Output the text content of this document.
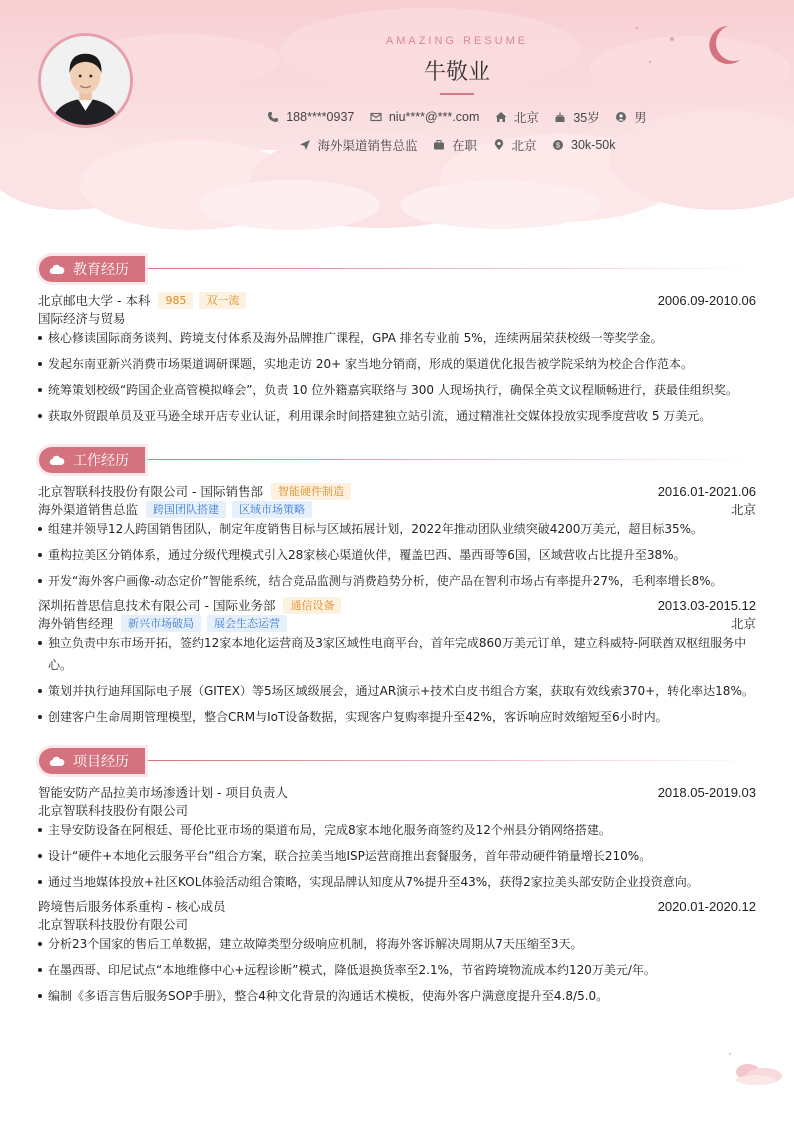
AMAZING RESUME
牛敬业
188****0937
	niu****@***.com
	北京
	35岁
	男
海外渠道销售总监
	在职
	北京
	$ 30k-50k
教育经历
北京邮电大学 - 本科	985	双一流	2006.09-2010.06
国际经济与贸易
核心修读国际商务谈判、跨境支付体系及海外品牌推广课程，GPA 排名专业前 5%，连续两届荣获校级一等奖学金。
发起东南亚新兴消费市场渠道调研课题，实地走访 20+ 家当地分销商，形成的渠道优化报告被学院采纳为校企合作范本。
统筹策划校级“跨国企业高管模拟峰会”，负责 10 位外籍嘉宾联络与 300 人现场执行，确保全英文议程顺畅进行，获最佳组织奖。
获取外贸跟单员及亚马逊全球开店专业认证，利用课余时间搭建独立站引流，通过精准社交媒体投放实现季度营收 5 万美元。
工作经历
北京智联科技股份有限公司 - 国际销售部	智能硬件制造	2016.01-2021.06
海外渠道销售总监	跨国团队搭建	区域市场策略	北京
组建并领导12人跨国销售团队，制定年度销售目标与区域拓展计划，2022年推动团队业绩突破4200万美元，超目标35%。
重构拉美区分销体系，通过分级代理模式引入28家核心渠道伙伴，覆盖巴西、墨西哥等6国，区域营收占比提升至38%。
开发“海外客户画像-动态定价”智能系统，结合竞品监测与消费趋势分析，使产品在智利市场占有率提升27%，毛利率增长8%。
深圳拓普思信息技术有限公司 - 国际业务部	通信设备	2013.03-2015.12
海外销售经理	新兴市场破局	展会生态运营	北京
独立负责中东市场开拓，签约12家本地化运营商及3家区域性电商平台，首年完成860万美元订单，建立科威特-阿联酋双枢纽服务中心。
策划并执行迪拜国际电子展（GITEX）等5场区域级展会，通过AR演示+技术白皮书组合方案，获取有效线索370+，转化率达18%。
创建客户生命周期管理模型，整合CRM与IoT设备数据，实现客户复购率提升至42%，客诉响应时效缩短至6小时内。
项目经历
智能安防产品拉美市场渗透计划 - 项目负责人	2018.05-2019.03
北京智联科技股份有限公司
主导安防设备在阿根廷、哥伦比亚市场的渠道布局，完成8家本地化服务商签约及12个州县分销网络搭建。
设计“硬件+本地化云服务平台”组合方案，联合拉美当地ISP运营商推出套餐服务，首年带动硬件销量增长210%。
通过当地媒体投放+社区KOL体验活动组合策略，实现品牌认知度从7%提升至43%，获得2家拉美头部安防企业投资意向。
跨境售后服务体系重构 - 核心成员	2020.01-2020.12
北京智联科技股份有限公司
分析23个国家的售后工单数据，建立故障类型分级响应机制，将海外客诉解决周期从7天压缩至3天。
在墨西哥、印尼试点“本地维修中心+远程诊断”模式，降低退换货率至2.1%，节省跨境物流成本约120万美元/年。
编制《多语言售后服务SOP手册》，整合4种文化背景的沟通话术模板，使海外客户满意度提升至4.8/5.0。
